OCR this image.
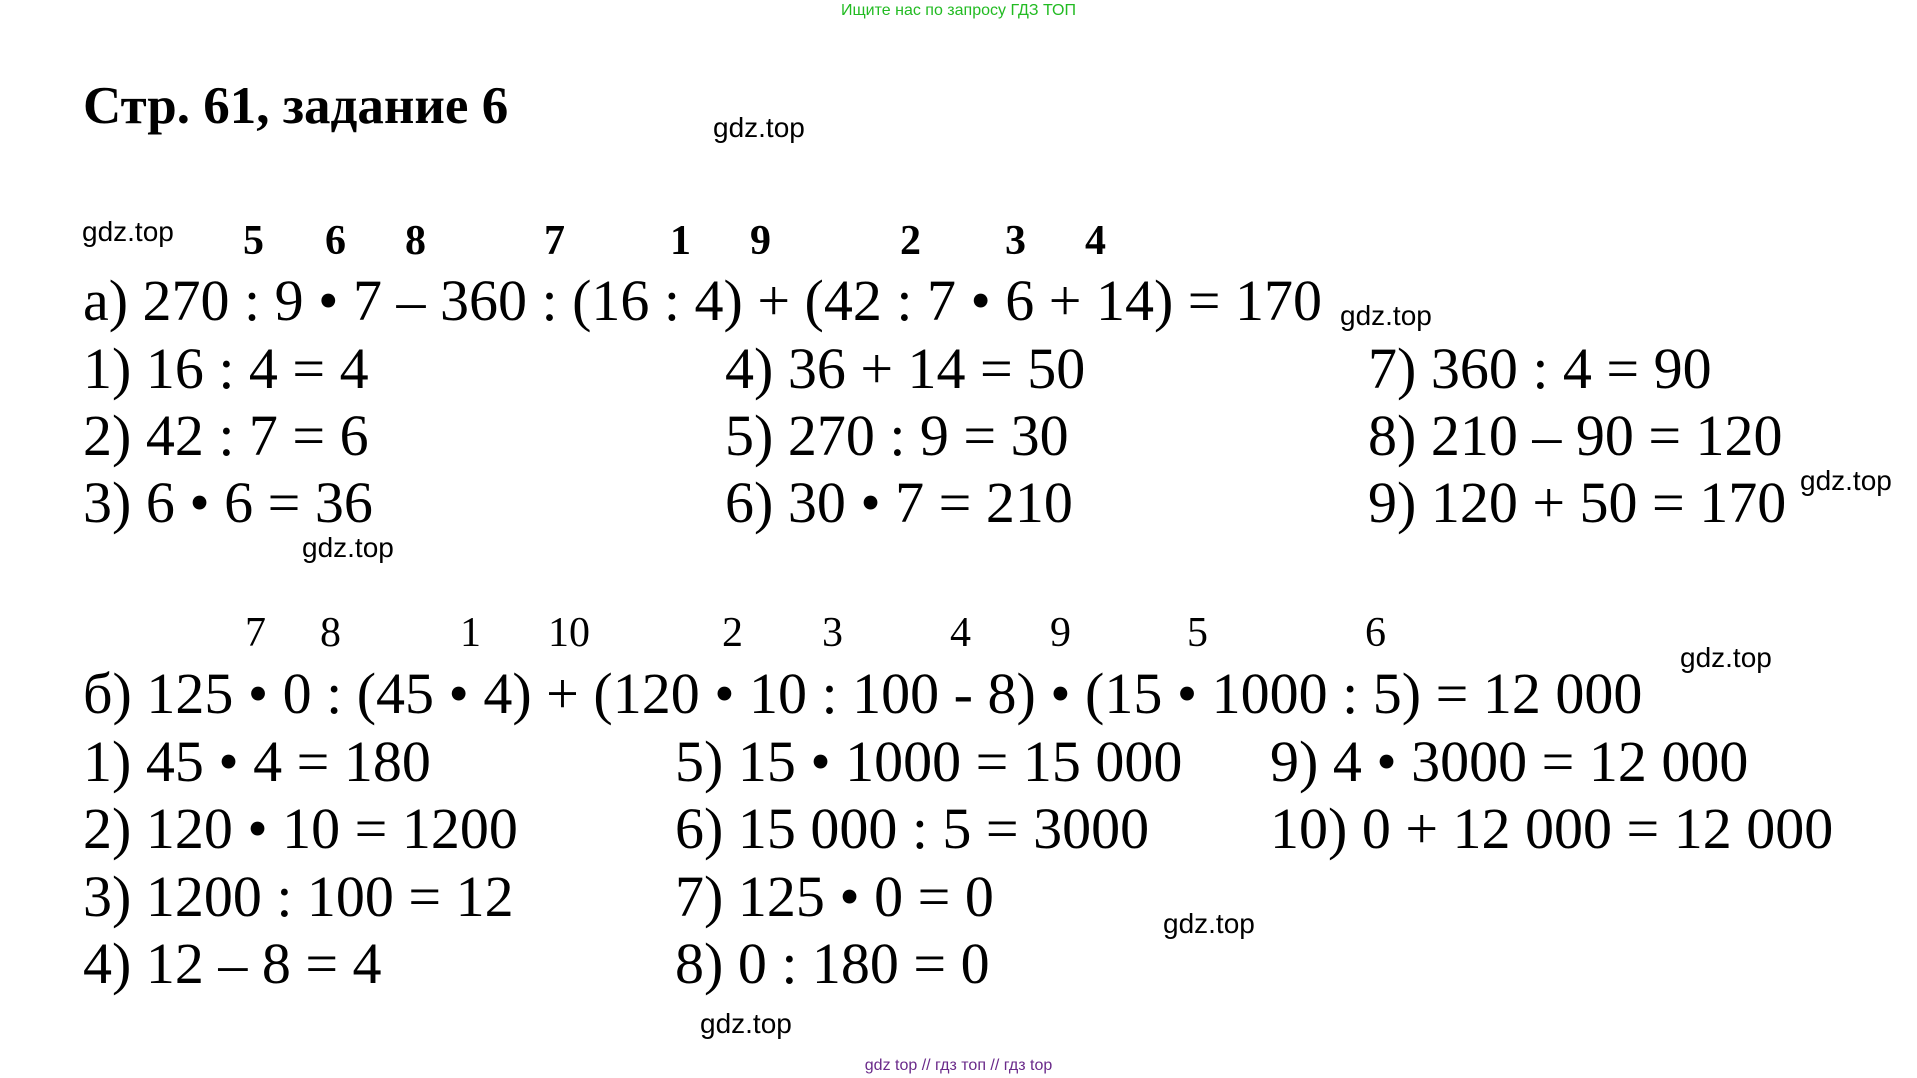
Ищите нас по запросу ГДЗ ТОП
Стр. 61, задание 6	gdz.top
gdz.top
gdz.top
gdz.top
gdz.top
gdz.top
gdz.top
gdz.top
5 6 8	7	1 9	2 3 4
а) 270 : 9 • 7 – 360 : (16 : 4) + (42 : 7 • 6 + 14) = 170
1) 16 : 4 = 4
2) 42 : 7 = 6
3) 6 • 6 = 36
4) 36 + 14 = 50
5) 270 : 9 = 30
6) 30 • 7 = 210
7) 360 : 4 = 90
8) 210 – 90 = 120
9) 120 + 50 = 170
7 8	1 10	2 3	4 9	5	6
б) 125 • 0 : (45 • 4) + (120 • 10 : 100 - 8) • (15 • 1000 : 5) = 12 000
1) 45 • 4 = 180
2) 120 • 10 = 1200
3) 1200 : 100 = 12
4) 12 – 8 = 4
5) 15 • 1000 = 15 000
6) 15 000 : 5 = 3000
7) 125 • 0 = 0
8) 0 : 180 = 0
9) 4 • 3000 = 12 000
10) 0 + 12 000 = 12 000
gdz top // гдз топ // гдз top
